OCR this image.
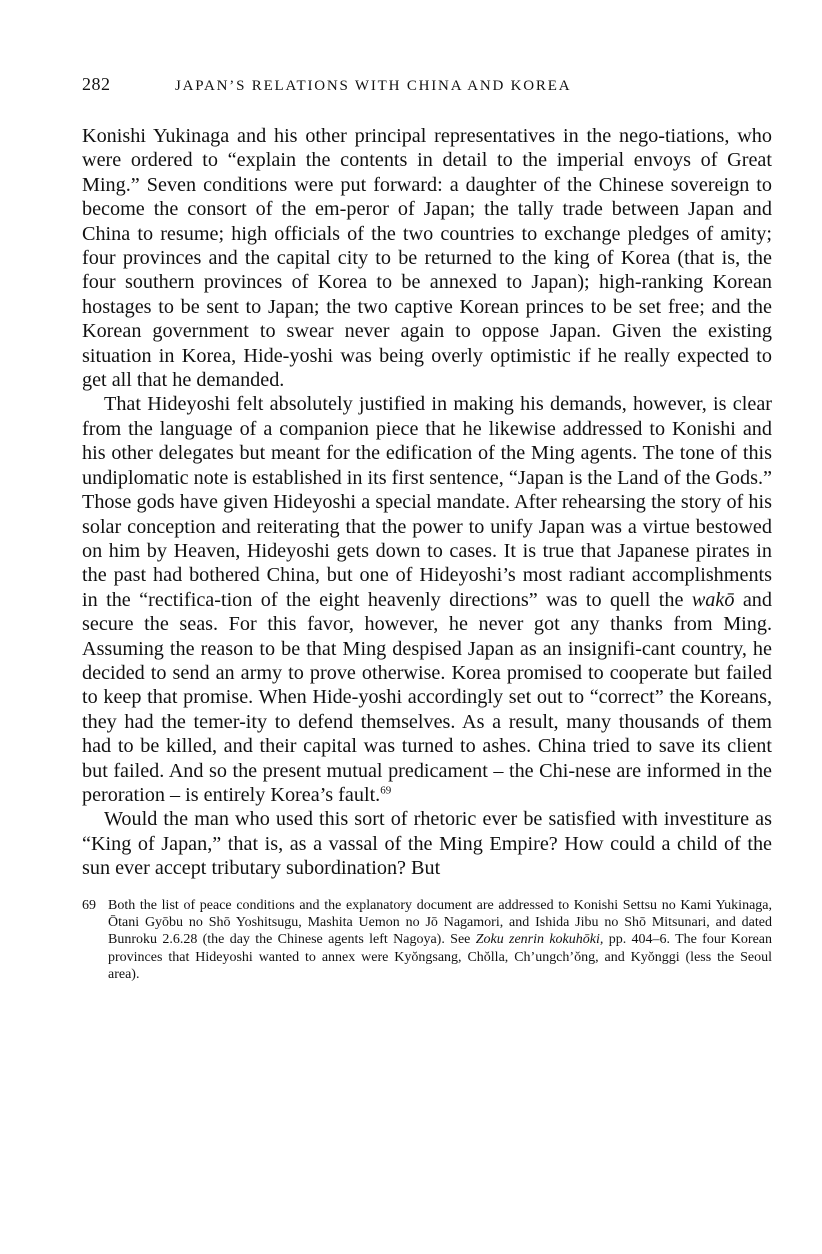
282	JAPAN’S RELATIONS WITH CHINA AND KOREA

Konishi Yukinaga and his other principal representatives in the nego-tiations, who were ordered to “explain the contents in detail to the imperial envoys of Great Ming.” Seven conditions were put forward: a daughter of the Chinese sovereign to become the consort of the em-peror of Japan; the tally trade between Japan and China to resume; high officials of the two countries to exchange pledges of amity; four provinces and the capital city to be returned to the king of Korea (that is, the four southern provinces of Korea to be annexed to Japan); high-ranking Korean hostages to be sent to Japan; the two captive Korean princes to be set free; and the Korean government to swear never again to oppose Japan. Given the existing situation in Korea, Hide-yoshi was being overly optimistic if he really expected to get all that he demanded.

That Hideyoshi felt absolutely justified in making his demands, however, is clear from the language of a companion piece that he likewise addressed to Konishi and his other delegates but meant for the edification of the Ming agents. The tone of this undiplomatic note is established in its first sentence, “Japan is the Land of the Gods.” Those gods have given Hideyoshi a special mandate. After rehearsing the story of his solar conception and reiterating that the power to unify Japan was a virtue bestowed on him by Heaven, Hideyoshi gets down to cases. It is true that Japanese pirates in the past had bothered China, but one of Hideyoshi’s most radiant accomplishments in the “rectifica-tion of the eight heavenly directions” was to quell the wakō and secure the seas. For this favor, however, he never got any thanks from Ming. Assuming the reason to be that Ming despised Japan as an insignifi-cant country, he decided to send an army to prove otherwise. Korea promised to cooperate but failed to keep that promise. When Hide-yoshi accordingly set out to “correct” the Koreans, they had the temer-ity to defend themselves. As a result, many thousands of them had to be killed, and their capital was turned to ashes. China tried to save its client but failed. And so the present mutual predicament – the Chi-nese are informed in the peroration – is entirely Korea’s fault.$^{69}$

Would the man who used this sort of rhetoric ever be satisfied with investiture as “King of Japan,” that is, as a vassal of the Ming Empire? How could a child of the sun ever accept tributary subordination? But

69 Both the list of peace conditions and the explanatory document are addressed to Konishi Settsu no Kami Yukinaga, Ōtani Gyōbu no Shō Yoshitsugu, Mashita Uemon no Jō Nagamori, and Ishida Jibu no Shō Mitsunari, and dated Bunroku 2.6.28 (the day the Chinese agents left Nagoya). See Zoku zenrin kokuhōki, pp. 404–6. The four Korean provinces that Hideyoshi wanted to annex were Kyŏngsang, Chŏlla, Ch’ungch’ŏng, and Kyŏnggi (less the Seoul area).
